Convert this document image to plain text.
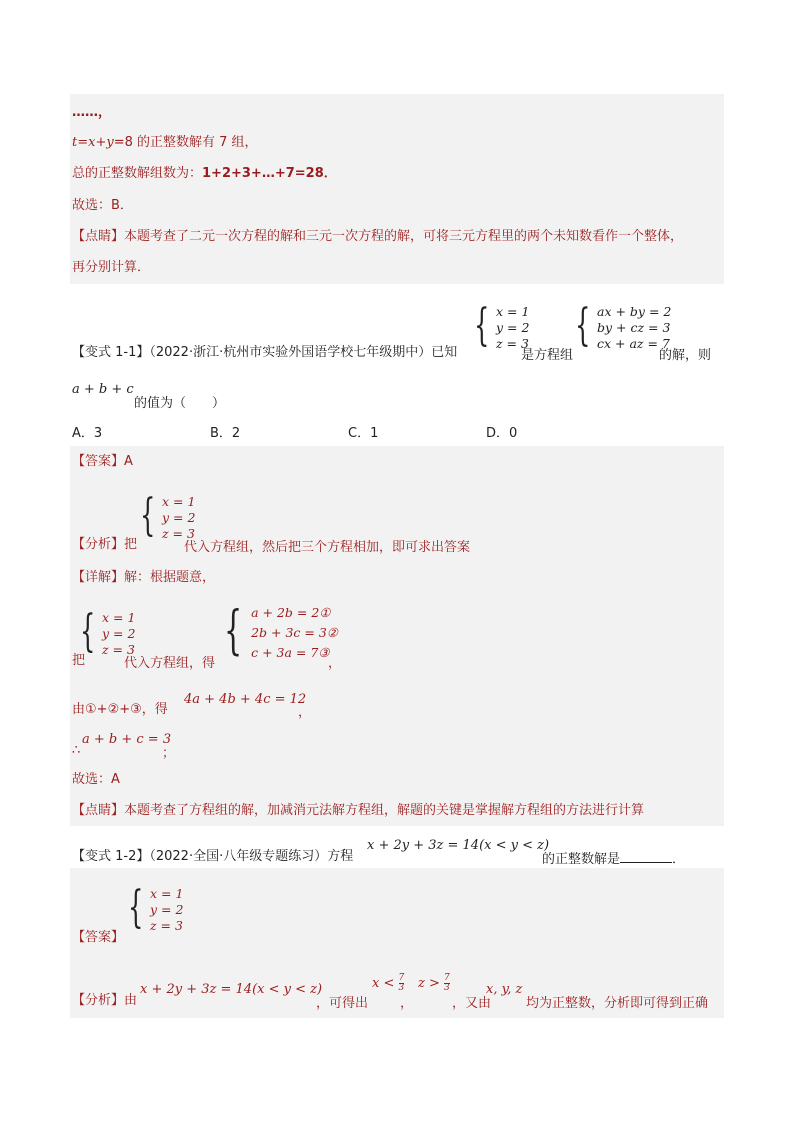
……，
t=x+y=8 的正整数解有 7 组，
总的正整数解组数为：1+2+3+…+7=28．
故选：B．
【点睛】本题考查了二元一次方程的解和三元一次方程的解，可将三元方程里的两个未知数看作一个整体，
再分别计算．
{ x = 1
y = 2
z = 3 { ax + by = 2
by + cz = 3
cx + az = 7
【变式 1-1】（2022·浙江·杭州市实验外国语学校七年级期中）已知	是方程组	的解，则
a + b + c
的值为（　　）
A．3	B．2	C．1	D．0
【答案】A
{ x = 1
y = 2
z = 3
【分析】把	代入方程组，然后把三个方程相加，即可求出答案
【详解】解：根据题意，
{ x = 1
y = 2
z = 3 { a + 2b = 2①
2b + 3c = 3②
c + 3a = 7③
把	代入方程组，得	，
由①+②+③，得
4a + 4b + 4c = 12
，
∴
a + b + c = 3
；
故选：A
【点睛】本题考查了方程组的解，加减消元法解方程组，解题的关键是掌握解方程组的方法进行计算
【变式 1-2】（2022·全国·八年级专题练习）方程
x + 2y + 3z = 14(x < y < z)
的正整数解是	．
{ x = 1
y = 2
z = 3
【答案】
【分析】由
x + 2y + 3z = 14(x < y < z)
，可得出
$x < \frac{7}{3}$
，
$z > \frac{7}{3}$
，又由
x, y, z
均为正整数，分析即可得到正确
